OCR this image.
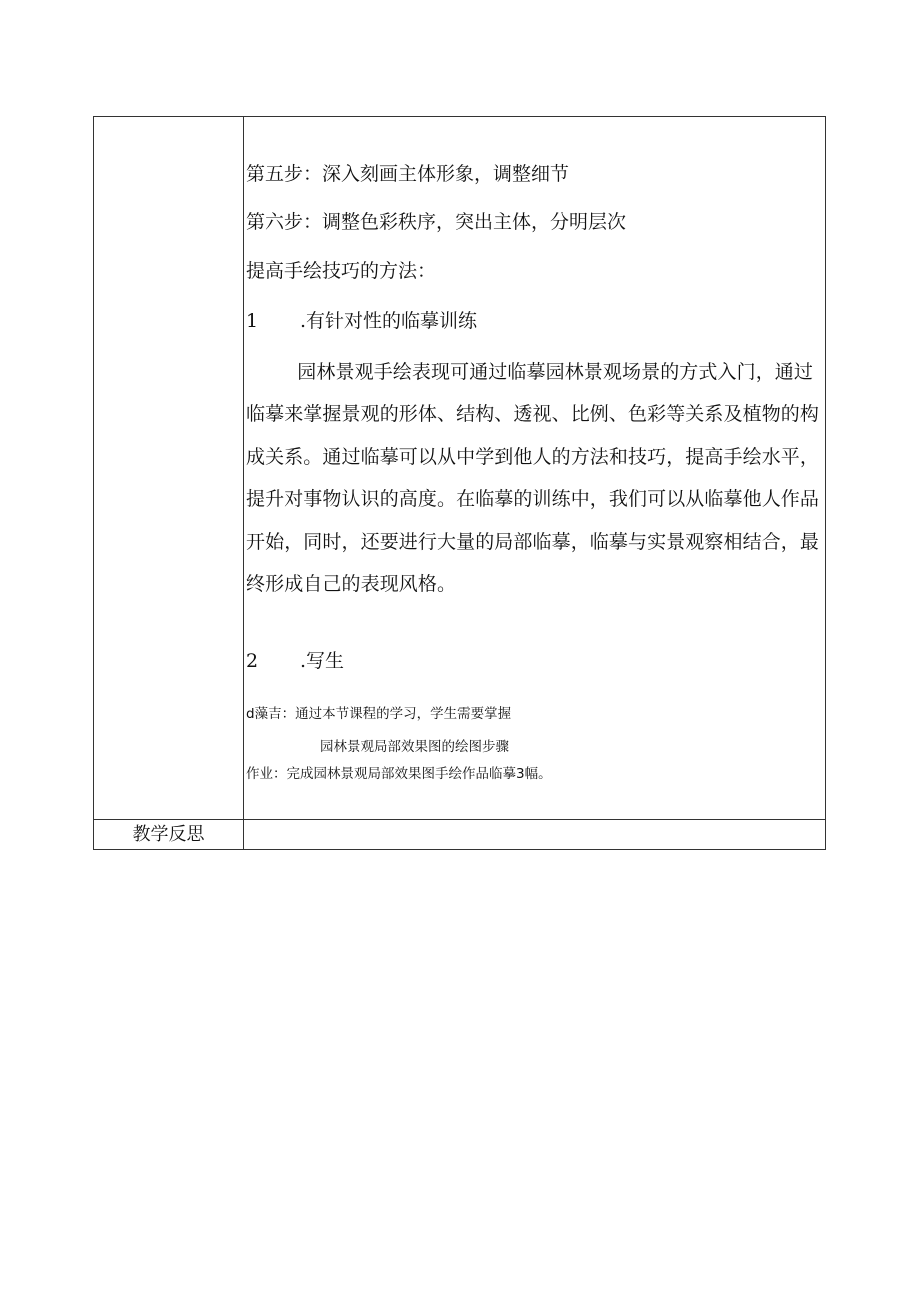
第五步：深入刻画主体形象，调整细节
第六步：调整色彩秩序，突出主体，分明层次
提高手绘技巧的方法：
1 .有针对性的临摹训练
园林景观手绘表现可通过临摹园林景观场景的方式入门，通过临摹来掌握景观的形体、结构、透视、比例、色彩等关系及植物的构成关系。通过临摹可以从中学到他人的方法和技巧，提高手绘水平，提升对事物认识的高度。在临摹的训练中，我们可以从临摹他人作品开始，同时，还要进行大量的局部临摹，临摹与实景观察相结合，最终形成自己的表现风格。
2 .写生
d藻吉：通过本节课程的学习，学生需要掌握
园林景观局部效果图的绘图步骤
作业：完成园林景观局部效果图手绘作品临摹3幅。
教学反思
